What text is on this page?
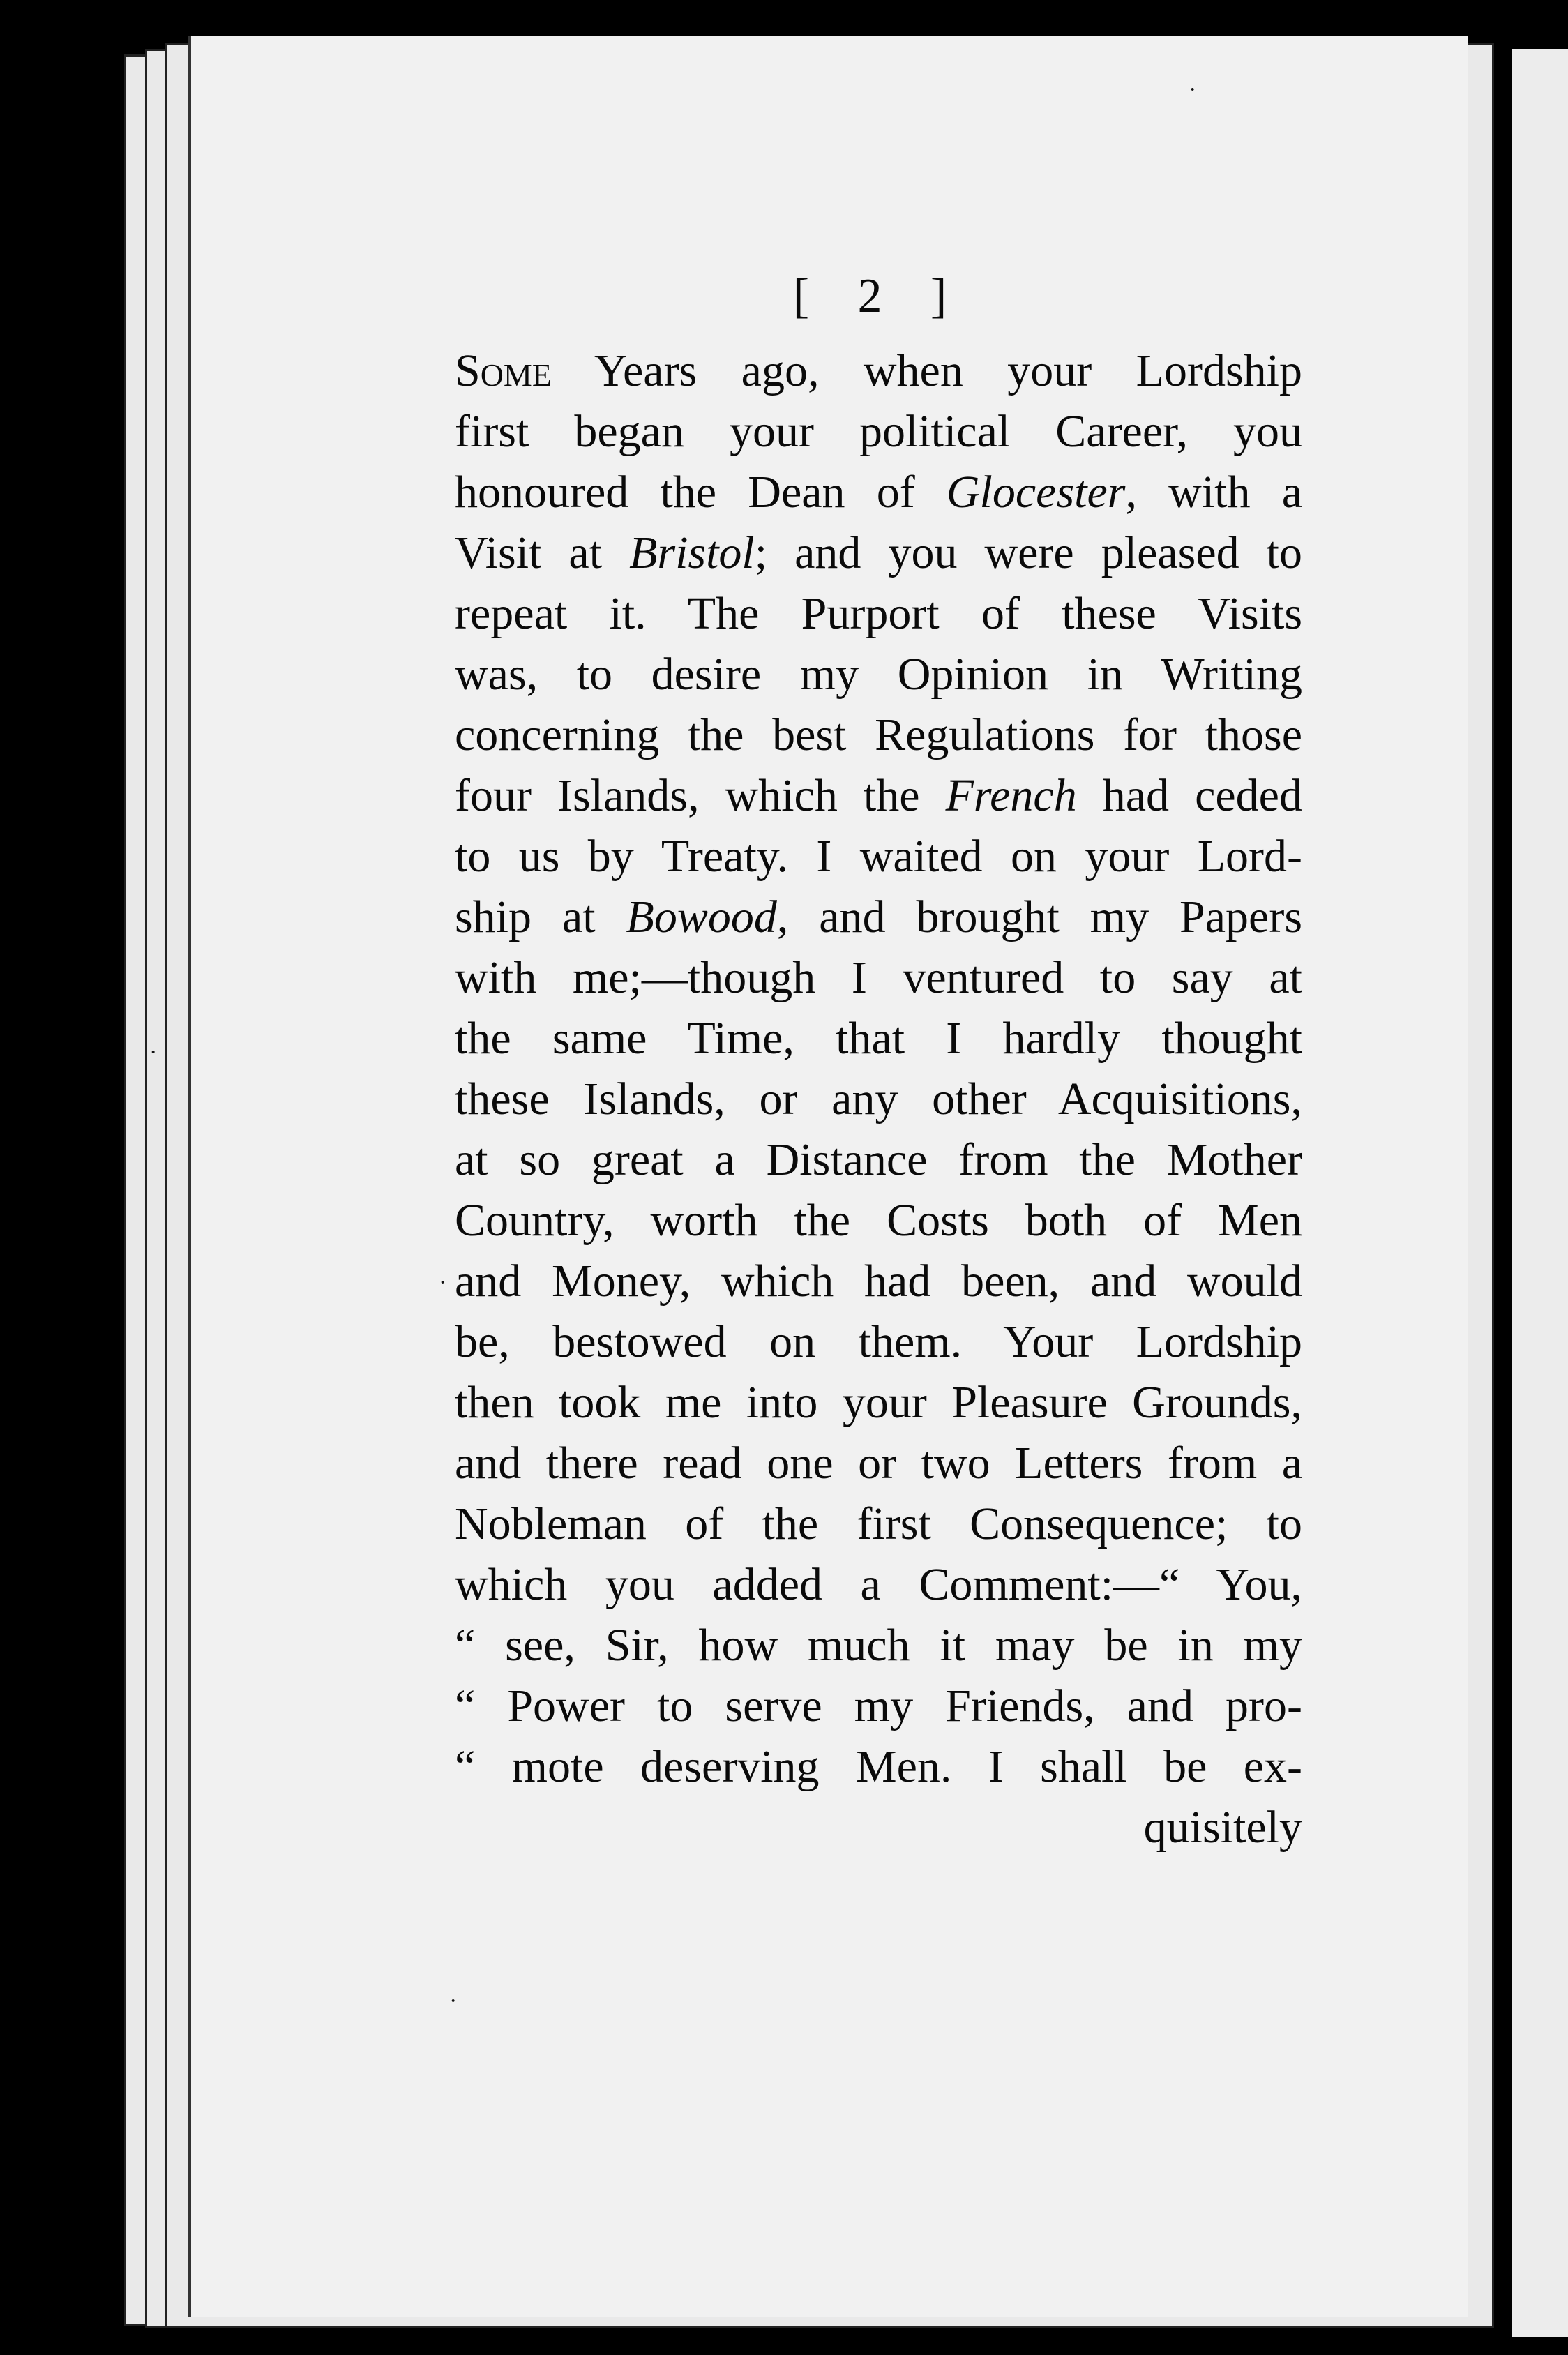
·
·
·
·
[ 2 ]
Some Years ago, when your Lordship
first began your political Career, you
honoured the Dean of Glocester, with a
Visit at Bristol; and you were pleased to
repeat it. The Purport of these Visits
was, to desire my Opinion in Writing
concerning the best Regulations for those
four Islands, which the French had ceded
to us by Treaty. I waited on your Lord-
ship at Bowood, and brought my Papers
with me;—though I ventured to say at
the same Time, that I hardly thought
these Islands, or any other Acquisitions,
at so great a Distance from the Mother
Country, worth the Costs both of Men
and Money, which had been, and would
be, bestowed on them. Your Lordship
then took me into your Pleasure Grounds,
and there read one or two Letters from a
Nobleman of the first Consequence; to
which you added a Comment:—“ You,
“ see, Sir, how much it may be in my
“ Power to serve my Friends, and pro-
“ mote deserving Men. I shall be ex-
quisitely
